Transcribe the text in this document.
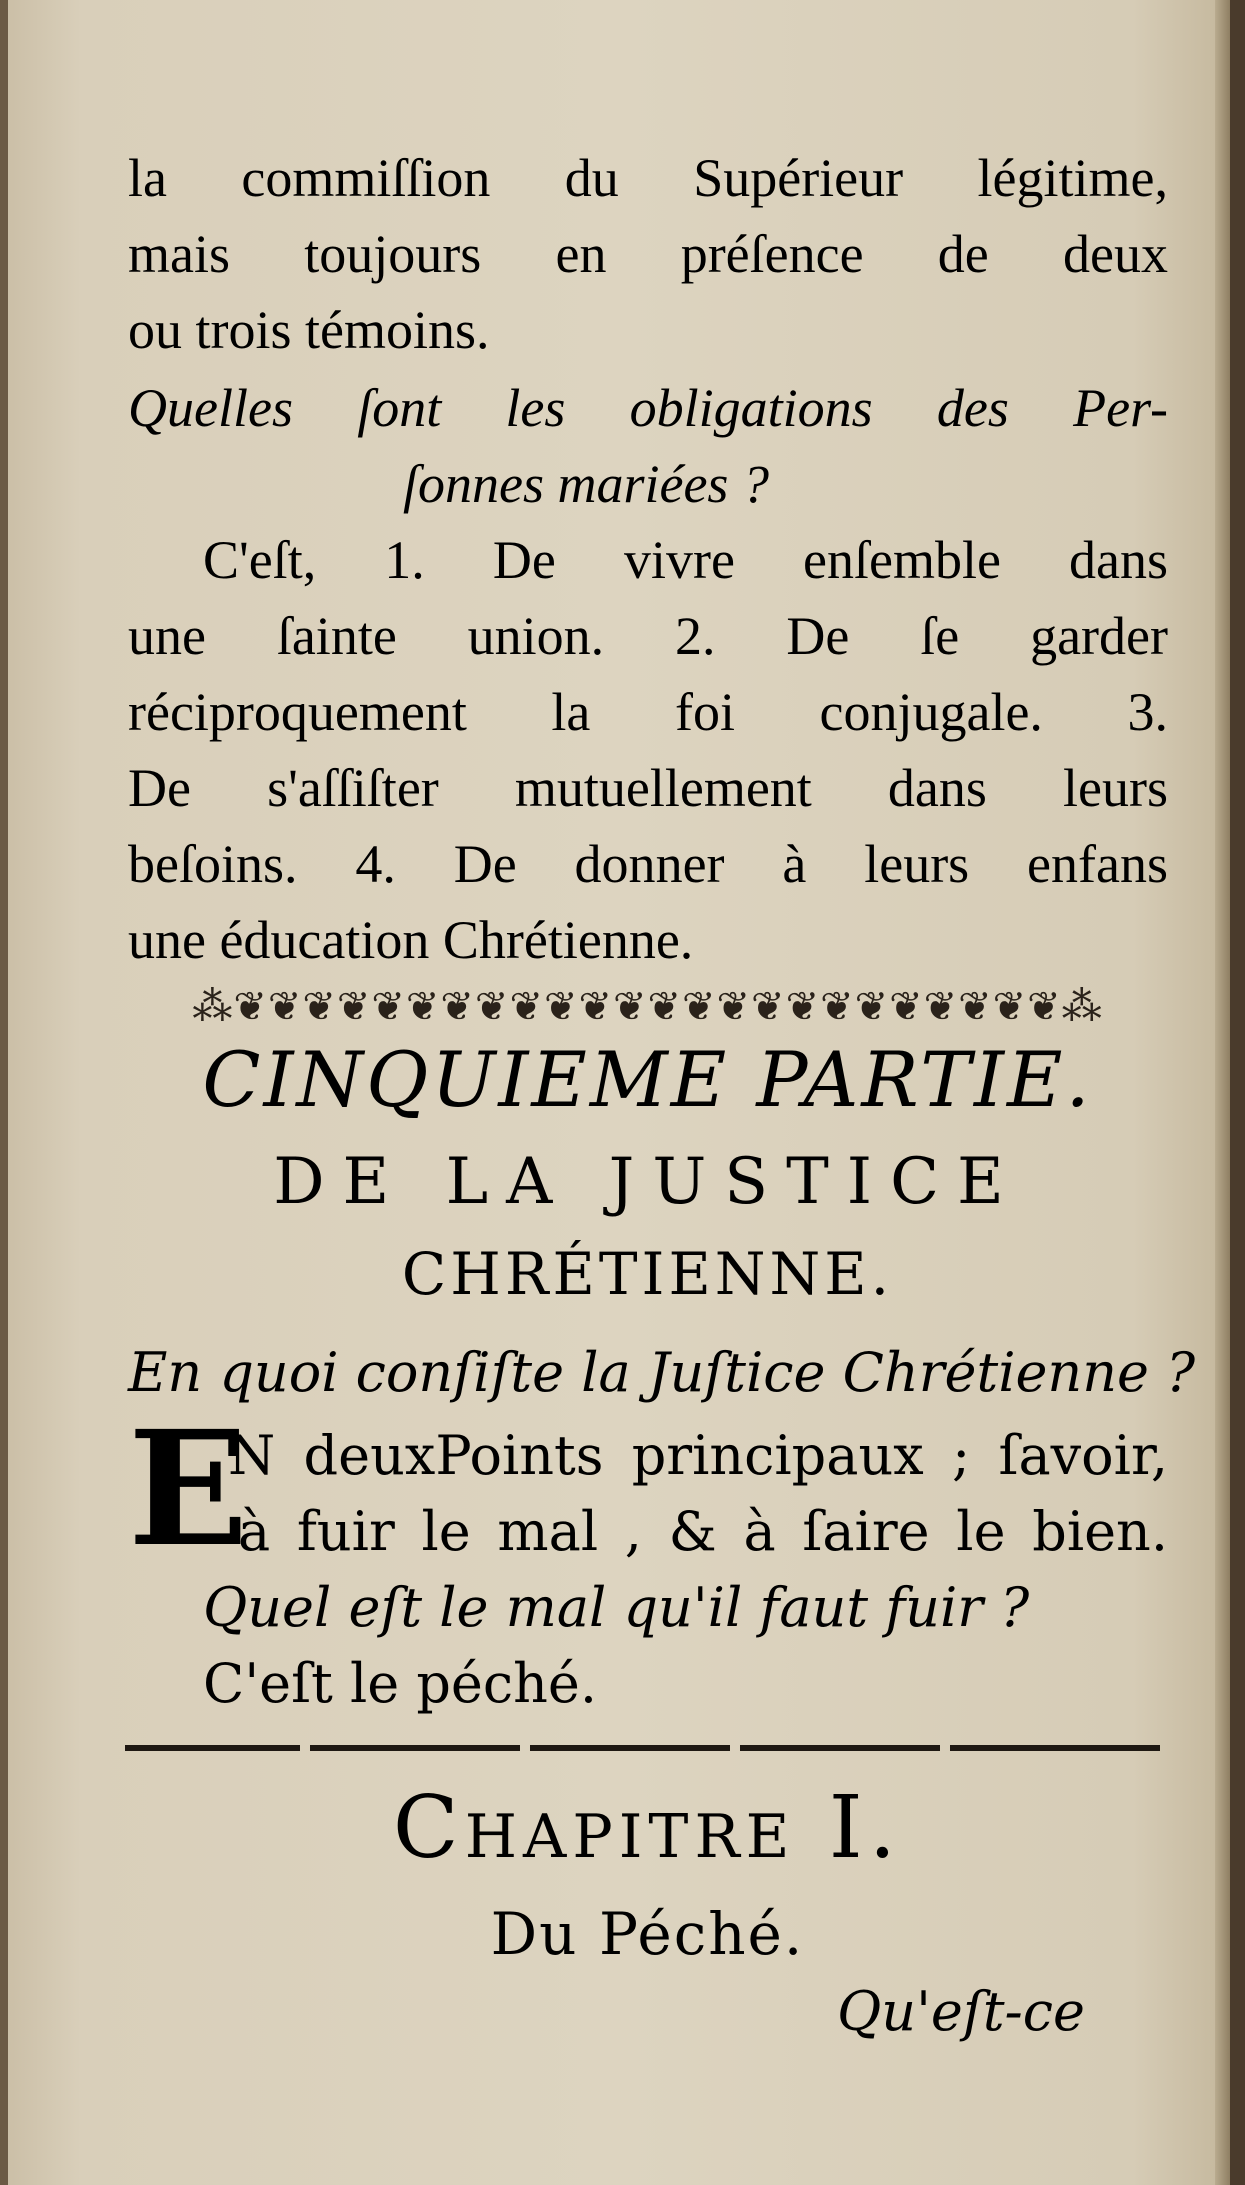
la commiſſion du Supérieur légitime,
mais toujours en préſence de deux
ou trois témoins.
Quelles ſont les obligations des Per-
ſonnes mariées ?
C'eſt, 1. De vivre enſemble dans
une ſainte union. 2. De ſe garder
réciproquement la foi conjugale. 3.
De s'aſſiſter mutuellement dans leurs
beſoins. 4. De donner à leurs enfans
une éducation Chrétienne.
⁂❦❦❦❦❦❦❦❦❦❦❦❦❦❦❦❦❦❦❦❦❦❦❦❦⁂
CINQUIEME PARTIE.
DE LA JUSTICE
CHRÉTIENNE.
En quoi conſiſte la Juſtice Chrétienne ?
E
N deuxPoints principaux ; ſavoir,
à fuir le mal , & à ſaire le bien.
Quel eſt le mal qu'il faut fuir ?
C'eſt le péché.
Chapitre I.
Du Péché.
Qu'eſt-ce
